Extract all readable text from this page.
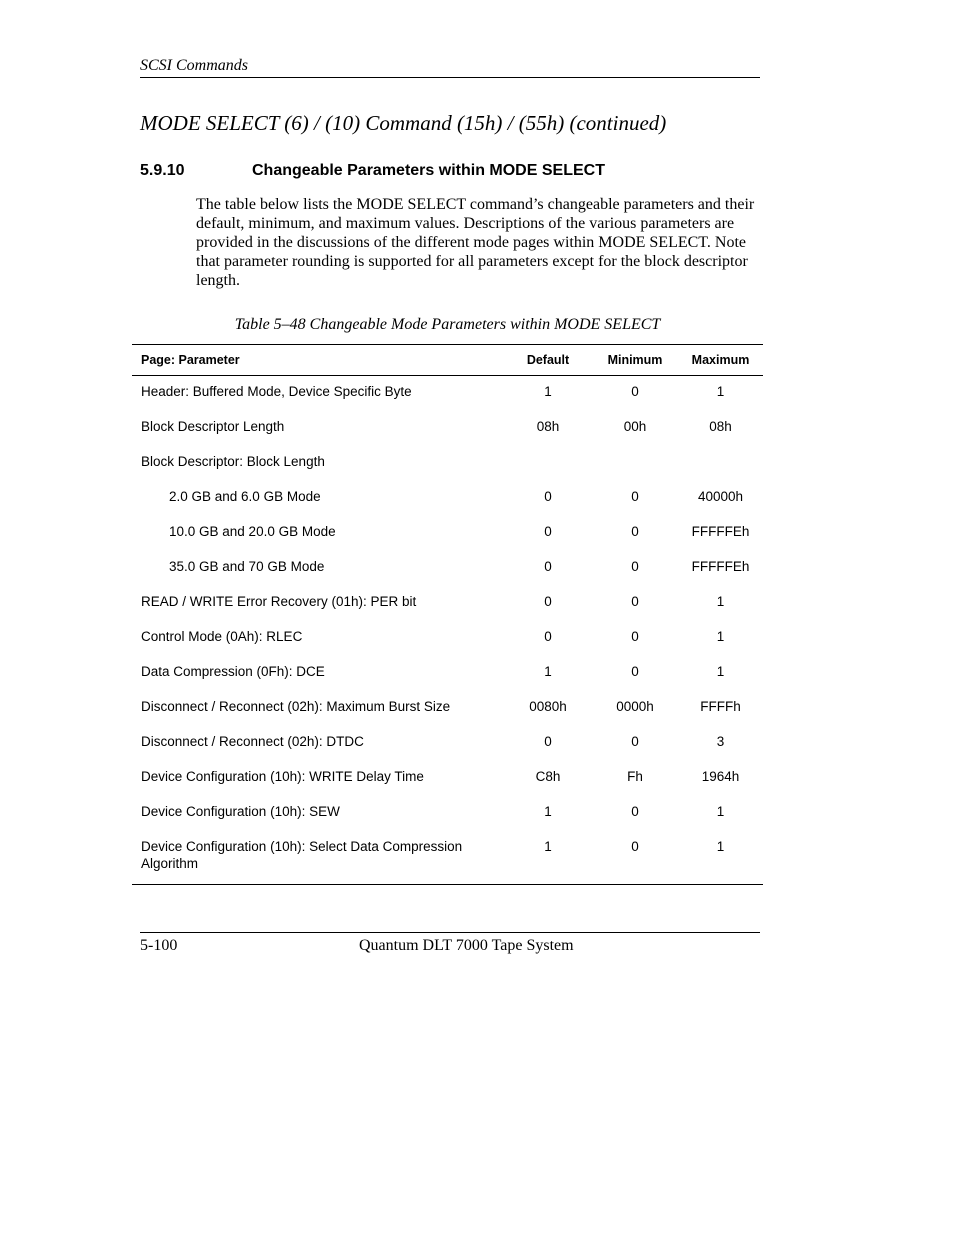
SCSI Commands
MODE SELECT (6) / (10) Command (15h) / (55h) (continued)
5.9.10	Changeable Parameters within MODE SELECT

The table below lists the MODE SELECT command’s changeable parameters and their default, minimum, and maximum values. Descriptions of the various parameters are provided in the discussions of the different mode pages within MODE SELECT. Note that parameter rounding is supported for all parameters except for the block descriptor length.

Table 5–48 Changeable Mode Parameters within MODE SELECT
Page: Parameter	Default	Minimum	Maximum

Header: Buffered Mode, Device Specific Byte	1	0	1
Block Descriptor Length	08h	00h	08h
Block Descriptor: Block Length			
2.0 GB and 6.0 GB Mode	0	0	40000h
10.0 GB and 20.0 GB Mode	0	0	FFFFFEh
35.0 GB and 70 GB Mode	0	0	FFFFFEh
READ / WRITE Error Recovery (01h): PER bit	0	0	1
Control Mode (0Ah): RLEC	0	0	1
Data Compression (0Fh): DCE	1	0	1
Disconnect / Reconnect (02h): Maximum Burst Size	0080h	0000h	FFFFh
Disconnect / Reconnect (02h): DTDC	0	0	3
Device Configuration (10h): WRITE Delay Time	C8h	Fh	1964h
Device Configuration (10h): SEW	1	0	1
Device Configuration (10h): Select Data Compression Algorithm	1	0	1

5-100	Quantum DLT 7000 Tape System
